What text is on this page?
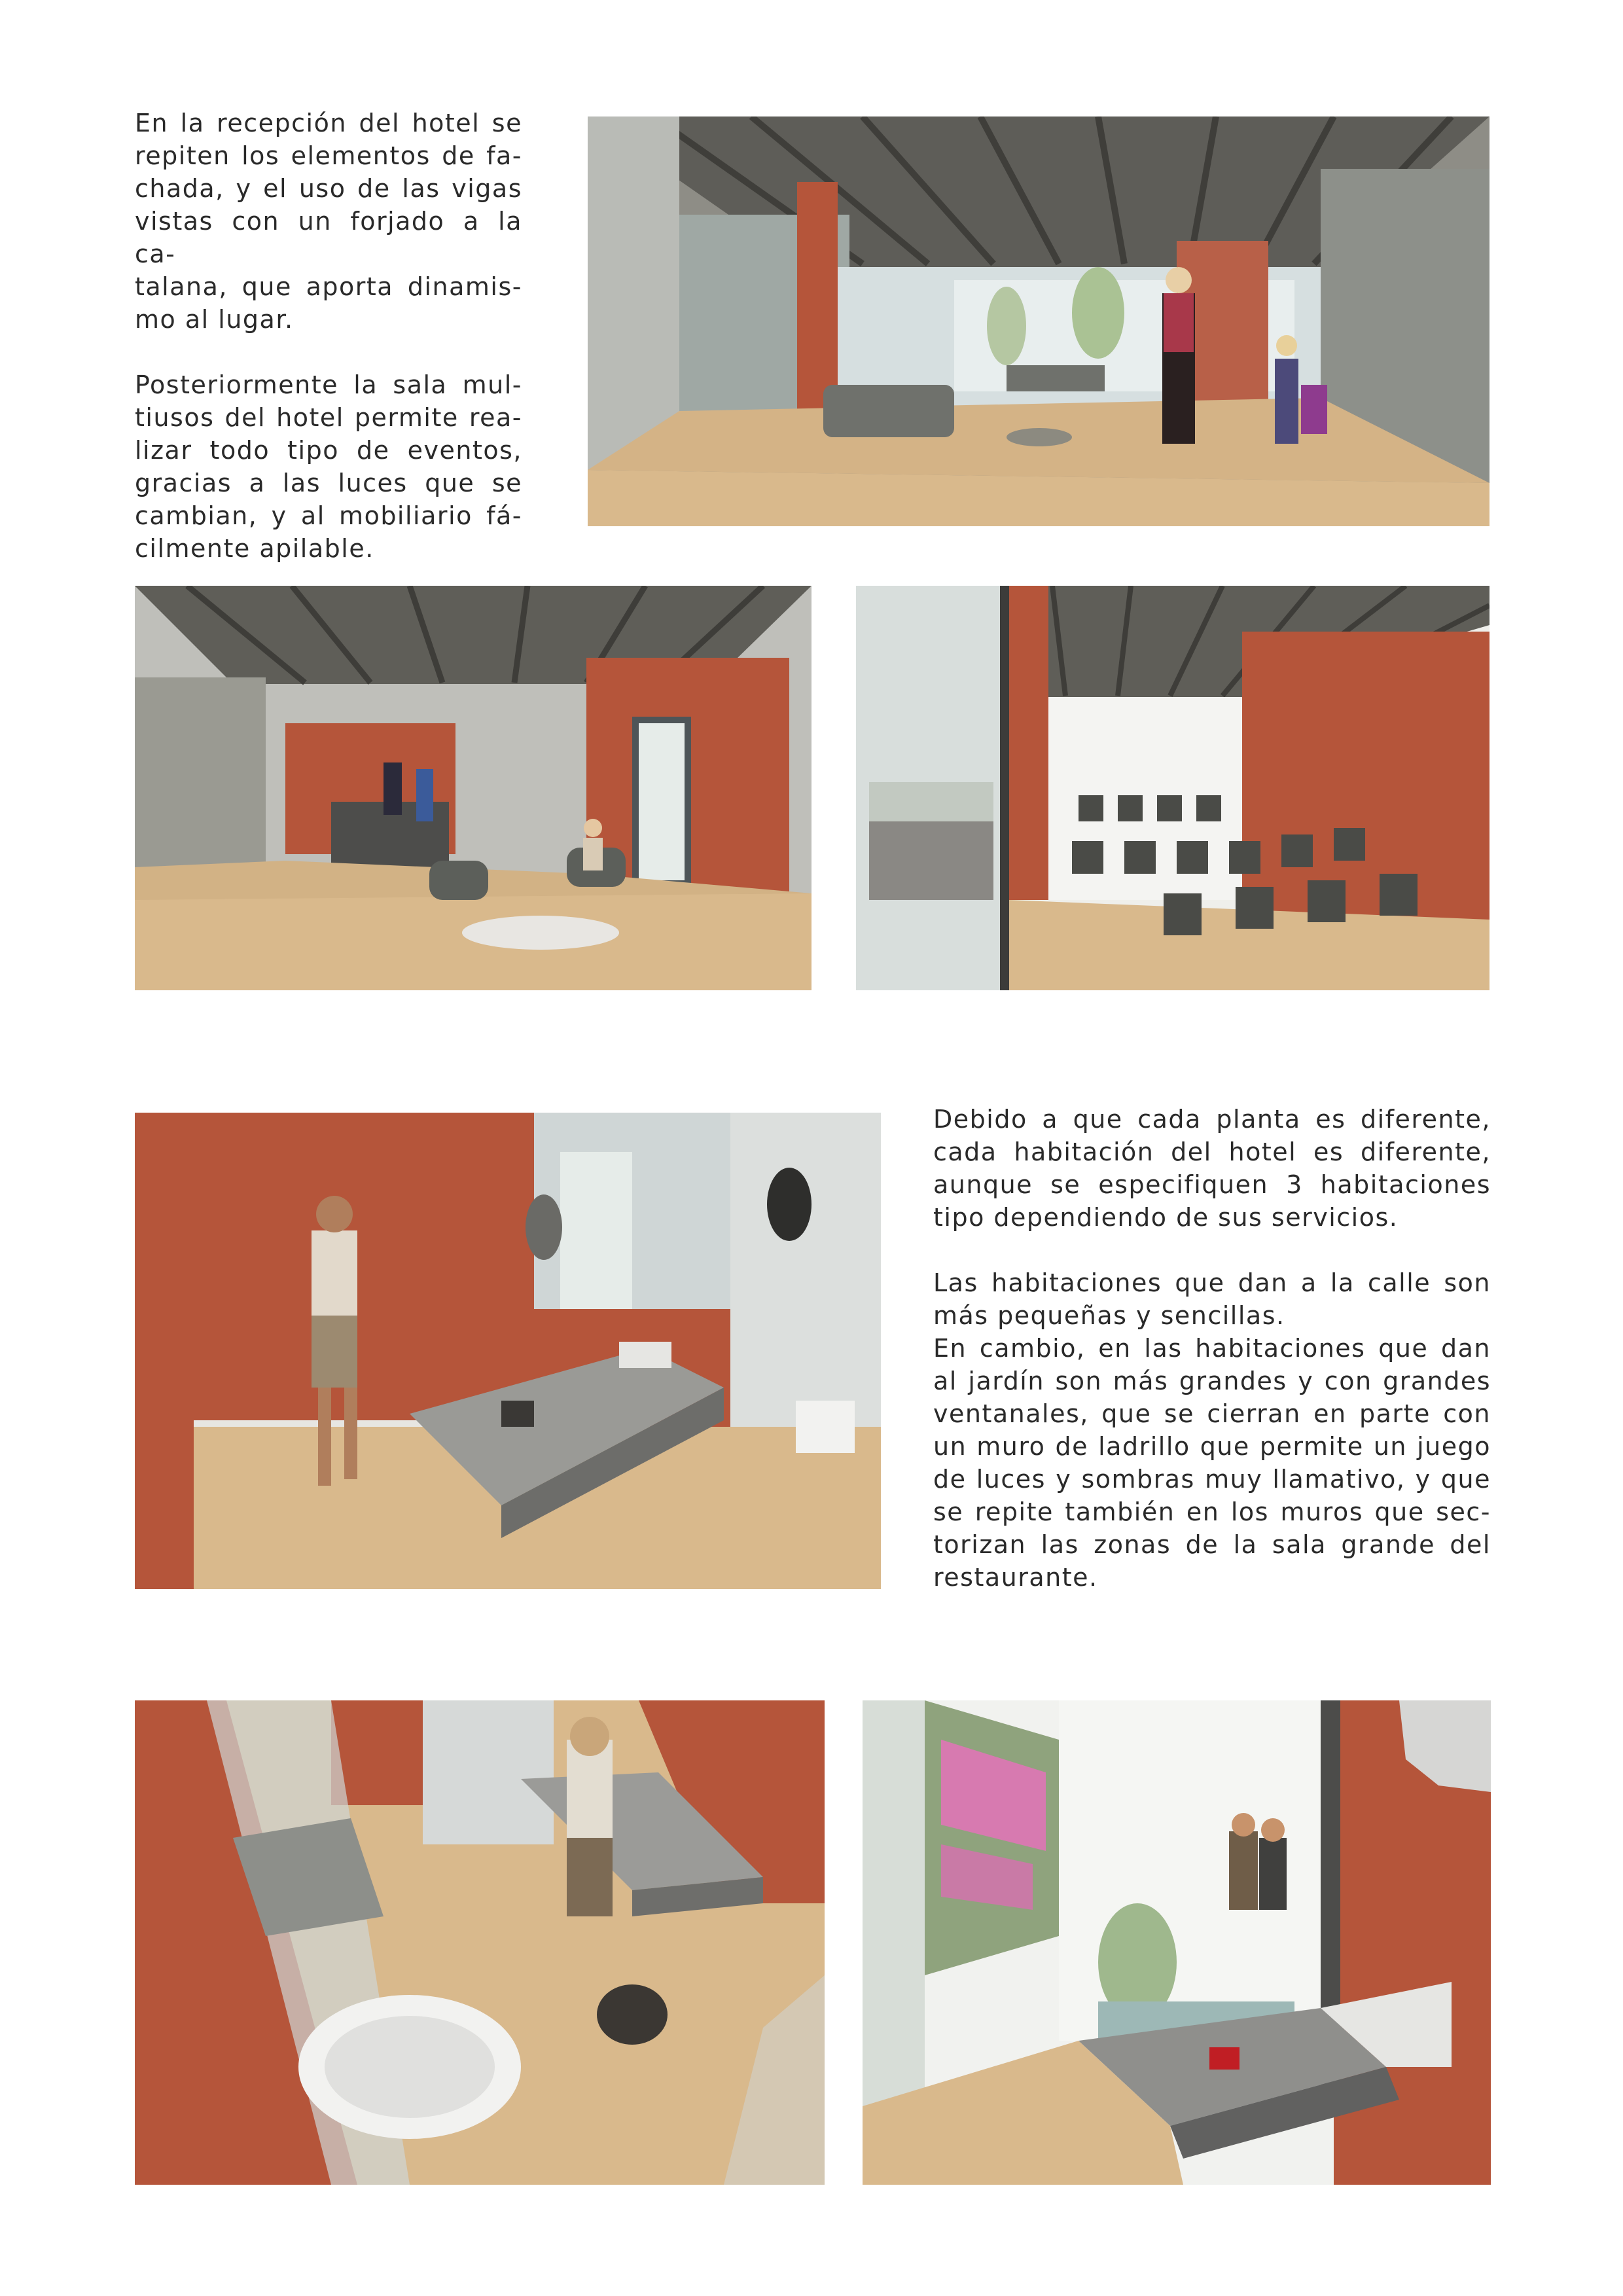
En la recepción del hotel se
repiten los elementos de fa-
chada, y el uso de las vigas
vistas con un forjado a la ca-
talana, que aporta dinamis-
mo al lugar.
Posteriormente la sala mul-
tiusos del hotel permite rea-
lizar todo tipo de eventos,
gracias a las luces que se
cambian, y al mobiliario fá-
cilmente apilable.
Debido a que cada planta es diferente,
cada habitación del hotel es diferente,
aunque se especifiquen 3 habitaciones
tipo dependiendo de sus servicios.
Las habitaciones que dan a la calle son
más pequeñas y sencillas.
En cambio, en las habitaciones que dan
al jardín son más grandes y con grandes
ventanales, que se cierran en parte con
un muro de ladrillo que permite un juego
de luces y sombras muy llamativo, y que
se repite también en los muros que sec-
torizan las zonas de la sala grande del
restaurante.
